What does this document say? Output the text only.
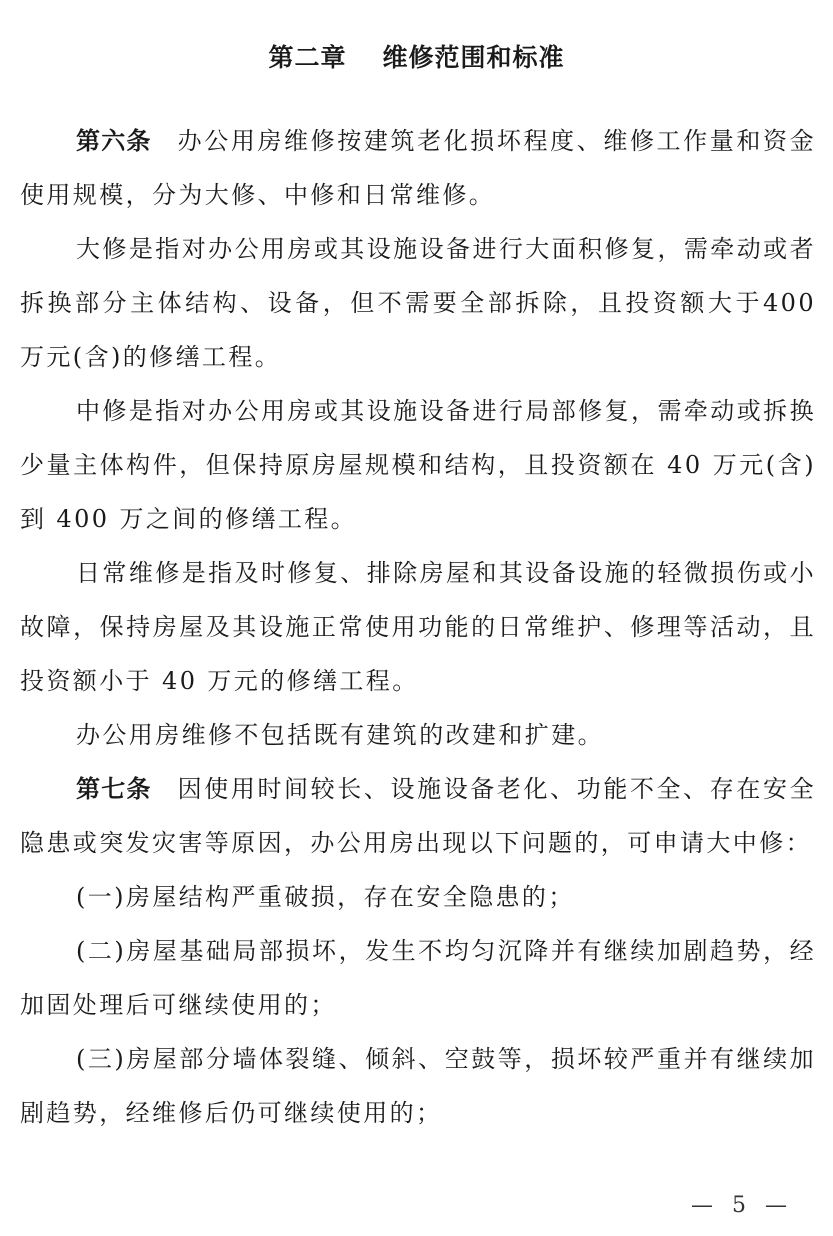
第二章 维修范围和标准

第六条 办公用房维修按建筑老化损坏程度、维修工作量和资金使用规模，分为大修、中修和日常维修。

大修是指对办公用房或其设施设备进行大面积修复，需牵动或者拆换部分主体结构、设备，但不需要全部拆除，且投资额大于400 万元(含)的修缮工程。

中修是指对办公用房或其设施设备进行局部修复，需牵动或拆换少量主体构件，但保持原房屋规模和结构，且投资额在 40 万元(含)到 400 万之间的修缮工程。

日常维修是指及时修复、排除房屋和其设备设施的轻微损伤或小故障，保持房屋及其设施正常使用功能的日常维护、修理等活动，且投资额小于 40 万元的修缮工程。

办公用房维修不包括既有建筑的改建和扩建。

第七条 因使用时间较长、设施设备老化、功能不全、存在安全隐患或突发灾害等原因，办公用房出现以下问题的，可申请大中修：

(一)房屋结构严重破损，存在安全隐患的；

(二)房屋基础局部损坏，发生不均匀沉降并有继续加剧趋势，经加固处理后可继续使用的；

(三)房屋部分墙体裂缝、倾斜、空鼓等，损坏较严重并有继续加剧趋势，经维修后仍可继续使用的；

— 5 —
